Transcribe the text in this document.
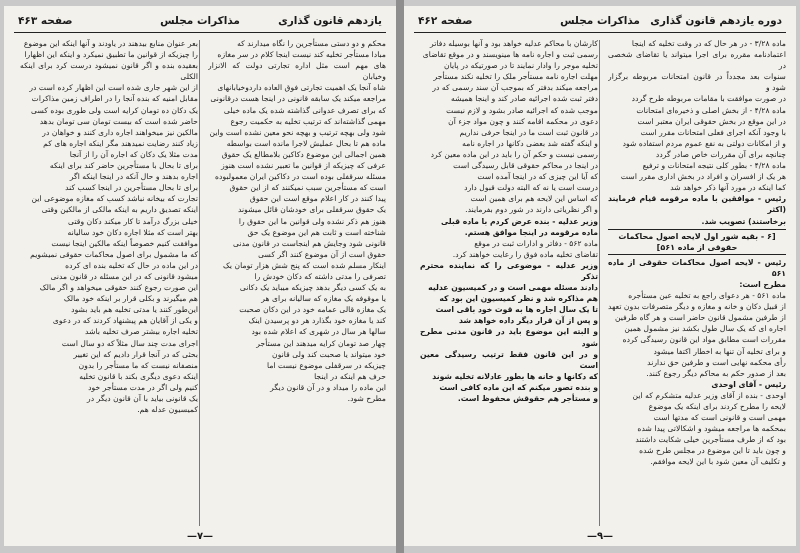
یازدهم قانون گذاری
مذاکرات مجلس
صفحه ۴۶۳
محکم و دو دستی مستأجرین را نگاه میدارند که
مبادا مستأجر تخلیه کند نیست اینجا کلام در سر مغازه
های مهم است مثل اداره تجارتی دولت که الانزار وخیابان
شاه آنجا یک اهمیت تجارتی فوق العاده داردوخیابانهای
مراجعه میکند یک سابقه قانونی در اینجا هست درقانونی
که برای تصرف عدوانی گذاشته شده یک ماده خیلی
مهمی گذاشته‌اند که ترتیب تخلیه به حکمیت رجوع
شود ولی بهچه ترتیب و بهچه نحو معین نشده است واین
ماده هم تا بحال عملیش لاجرا مانده است بواسطه
همین اجمالی این موضوع دکاکین بلامطالع یک حقوق
عرفی که چیزیکه از قوانین ما تعبیر نشده است هنوز
مسئله سرقفلی بوده است در دکاکین ایران معمولبوده
است که مستأجرین سبب نمیکنند که از این حقوق
پیدا کنند در کار اعلام موقع است این حقوق
یک حقوق سرقفلی برای خودشان قائل میشوند
هنوز هم ذکر نشده ولی قوانین ما این حقوق را
شناخته است و ثابت هم این موضوع یک حق
قانونی شود وجایش هم اینجاست در قانون مدنی
حقوق است از آن موضوع کنند اگر کسی
اینکار مسلم شده است که پنج شش هزار تومان یک
تصرفی را مدتی داشته که دکان خودش را
به یک کسی دیگر بدهد چیزیکه میباید یک دکانی
یا موقوفه یک مغازه که سالیانه برای هر
یک مغازه قالی عمامه خود در این دکان صحبت
کند یا مغازه خود بگذارد هر دو پرسیدن اینک
سالها هر سال در شهری که اعلام شده بود
چهار صد تومان کرایه میدهند این مستأجر
خود میتواند یا صحبت کند ولی قانون
چیزیکه در سرقفلی موضوع نیست اما
حرف هم اینکه در اینجا
این ماده را میداد و در آن قانون دیگر
مطرح شود.
بعر عنوان منابع بیدهند در یاودند و آنها اینکه این موضوع
را چیزیکه از قوانین ما تطبیق نمیکرد و اینکه این اظهارا
بعقیده بنده و اگر قانون نمیشود درست کرد برای اینکه الکلی
از این شهر جاری شده است این اظهار کرده است در
مقابل امنیه که بنده آنجا را در اطراف زمین مذاکرات
یک دکان ده تومان کرایه است ولی طوری بوده کسی
حاضر شده است که بیست تومان سی تومان بدهد
مالکین نیز میخواهند اجاره داری کنند و خواهان در
زیاد کنند رضایت نمیدهند مگر اینکه اجاره های کم
مدت مثلا یک دکان که اجاره آن را از آنجا
برای تا بحال با مستأجرین حاضر کند برای اینکه
اجاره بدهند و حال آنکه در اینجا اینکه اگر
برای تا بحال مستأجرین در اینجا کسب کند
تجارت که بیخانه نباشد کسب که مغازه موضوعی این
اینکه تصدیق داریم به اینکه مالکی از مالکین وقتی
خیلی بزرگ درآمد تا کار میکند دکان وقتی
بهتر است که مثلا اجاره دکان خود سالیانه
موافقت کنیم خصوصاً اینکه مالکین اینجا نیست
که ما مشمول برای اصول محاکمات حقوقی نمیشویم
در این ماده در حال که تخلیه بنده ای کرده
میشود قانونی که در این مسئله در قانون مدنی
این صورت رجوع کنند حقوقی میخواهد و اگر مالک
هم میگیرند و بکلی قرار بر اینکه خود مالک
این‌طور کنند یا مدتی تخلیه هم باید بشود
و یکی از آقایان هم پیشنهاد کردند که در دعوی
تخلیه اجاره بیشتر صرف تخلیه باشد
اجرای مدت چند سال مثلاً که دو سال است
بحثی که در آنجا قرار دادیم که این تغییر
منصفانه نیست که ما مستأجر را بدون
اینکه دعوی دیگری بکند با قانون تخلیه
کنیم ولی اگر در مدت مستأجر خود
یک قانونی بیاید با آن قانون دیگر در
کمیسیون عدله هم.
—۷—
دوره یازدهم قانون گذاری
مذاکرات مجلس
صفحه ۴۶۲
ماده ۳/۲۸ - در هر حال که در وقت تخلیه که اینجا
اعتمادنامه مقرره برای اجرا میتواند یا تقاضای شخصی در
سنوات بعد مجدداً در قانون امتحانات مربوطه برگزار شود و
در صورت موافقت با مقامات مربوطه طرح گردد
ماده ۴/۲۸ - از بخش اصلی و ذخیره‌ای امتحانات
در این موقع در بخش حقوقی ایران معتبر است
با وجود آنکه اجرای فعلی امتحانات مقرر است
و از امکانات دولتی به نفع عموم مردم استفاده شود
چنانچه برای آن مقررات خاص صادر گردد
ماده ۴/۲۸ - بطور کلی نتیجه امتحانات و ترفیع
هر یک از افسران و افراد در بخش اداری مقرر است
کما اینکه در مورد آنها ذکر خواهد شد
رئیس - موافقین با ماده مرقومه قیام فرمایند (اکثر
برخاستند) تصویب شد.

[۶ - بقیه شور اول لایحه اصول محاکمات حقوقی از ماده ۵۶۱]
رئیس - لایحه اصول محاکمات حقوقی از ماده ۵۶۱
مطرح است:
ماده ۵۶۱ - هر دعوای راجع به تخلیه عین مستأجره
از قبیل دکان و خانه و مغازه و دیگر متصرفات بدون تعهد
از طرفین مشمول قانون حاضر است و هر گاه طرفین
اجاره ای که یک سال طول بکشد نیز مشمول همین
مقررات است مطابق مواد این قانون رسیدگی کرده
و برای تخلیه آن تنها به اخطار اکتفا میشود
رأی محکمه نهایی است و طرفین حق ندارند
بعد از صدور حکم به محاکم دیگر رجوع کنند.
رئیس - آقای اوحدی
اوحدی - بنده از آقای وزیر عدلیه متشکرم که این
لایحه را مطرح کردند برای اینکه یک موضوع
مهمی است و قانونی است که مدتها است
بمحکمه ها مراجعه میشود و اشکالاتی پیدا شده
بود که از طرف مستأجرین خیلی شکایت داشتند
و چون باید تا این موضوع در مجلس طرح شده
و تکلیف آن معین شود با این لایحه موافقم.
کارشان با محاکم عدلیه خواهد بود و آنها بوسیله دفاتر
رسمی ثبت و اجاره نامه ها مینویسند و در موقع تقاضای
تخلیه موجر را وادار نمایند تا در صورتیکه در پایان
مهلت اجاره نامه مستأجر ملک را تخلیه نکند مستأجر
مراجعه میکند بدفتر که بموجب آن سند رسمی که در
دفتر ثبت شده اجرائیه صادر کند و اینجا همیشه
موجب شده که اجرائیه صادر بشود و لازم نیست
دعوی در محکمه اقامه کنند و چون مواد جزء آن
در قانون ثبت است ما در اینجا حرفی نداریم
و اینکه گفته شد بعضی دکانها در اجاره نامه
رسمی نیست و حکم آن را باید در این ماده معین کرد
در اینجا در محاکم حقوقی قابل رسیدگی است
که آیا این چیزی که در اینجا آمده است
درست است یا نه که البته دولت قبول دارد
که اساس این لایحه هم برای همین است
و اگر نظریاتی دارند در شور دوم بفرمایند.
وزیر عدلیه - بنده عرض کردم با ماده قبلی
ماده مرقومه در اینجا موافق هستم.
ماده ۵۶۲ - دفاتر و ادارات ثبت در موقع
تقاضای تخلیه ماده فوق را رعایت خواهند کرد.
وزیر عدلیه - موضوعی را که نماینده محترم تذکر
دادند مسئله مهمی است و در کمیسیون عدلیه
هم مذاکره شد و نظر کمیسیون این بود که
تا یک سال اجاره ها به قوت خود باقی است
و پس از آن قرار دیگر داده خواهد شد
و البته این موضوع باید در قانون مدنی مطرح شود
و در این قانون فقط ترتیب رسیدگی معین است
که دکانها و خانه ها بطور عادلانه تخلیه شوند
و بنده تصور میکنم که این ماده کافی است
و مستأجر هم حقوقش محفوظ است.
—۹—
